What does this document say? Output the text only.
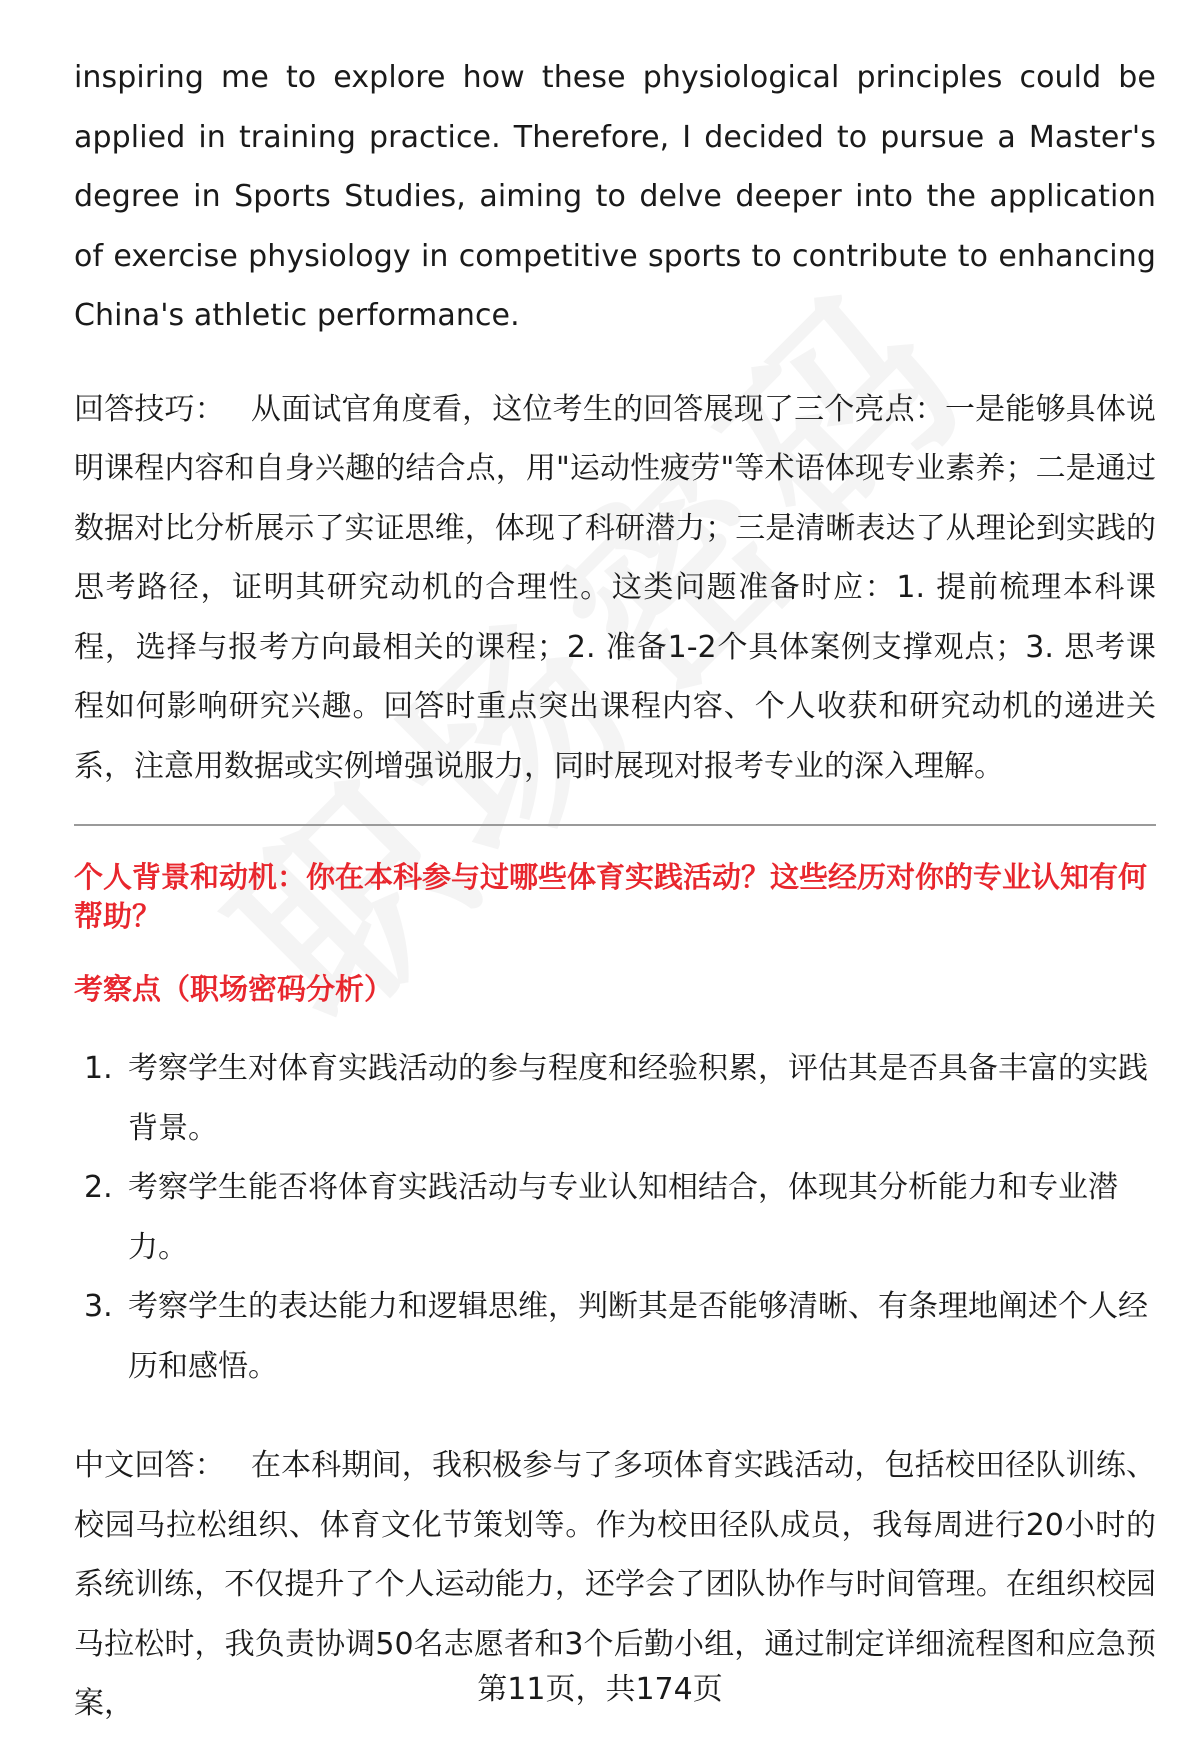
inspiring me to explore how these physiological principles could be applied in training practice. Therefore, I decided to pursue a Master's degree in Sports Studies, aiming to delve deeper into the application of exercise physiology in competitive sports to contribute to enhancing China's athletic performance.

回答技巧： 从面试官角度看，这位考生的回答展现了三个亮点：一是能够具体说明课程内容和自身兴趣的结合点，用"运动性疲劳"等术语体现专业素养；二是通过数据对比分析展示了实证思维，体现了科研潜力；三是清晰表达了从理论到实践的思考路径，证明其研究动机的合理性。这类问题准备时应：1. 提前梳理本科课程，选择与报考方向最相关的课程；2. 准备1-2个具体案例支撑观点；3. 思考课程如何影响研究兴趣。回答时重点突出课程内容、个人收获和研究动机的递进关系，注意用数据或实例增强说服力，同时展现对报考专业的深入理解。

个人背景和动机：你在本科参与过哪些体育实践活动？这些经历对你的专业认知有何帮助？

考察点（职场密码分析）

1. 考察学生对体育实践活动的参与程度和经验积累，评估其是否具备丰富的实践背景。
2. 考察学生能否将体育实践活动与专业认知相结合，体现其分析能力和专业潜力。
3. 考察学生的表达能力和逻辑思维，判断其是否能够清晰、有条理地阐述个人经历和感悟。

中文回答： 在本科期间，我积极参与了多项体育实践活动，包括校田径队训练、校园马拉松组织、体育文化节策划等。作为校田径队成员，我每周进行20小时的系统训练，不仅提升了个人运动能力，还学会了团队协作与时间管理。在组织校园马拉松时，我负责协调50名志愿者和3个后勤小组，通过制定详细流程图和应急预案，	第11页，共174页
